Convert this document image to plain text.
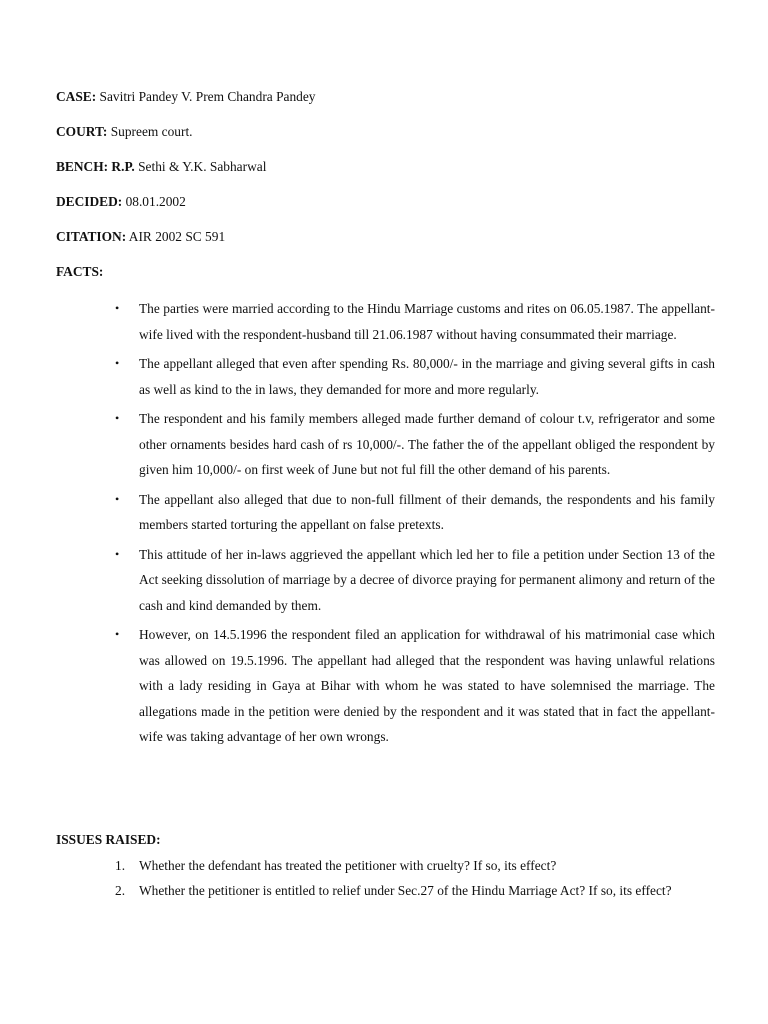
CASE: Savitri Pandey V. Prem Chandra Pandey

COURT: Supreem court.

BENCH: R.P. Sethi & Y.K. Sabharwal

DECIDED: 08.01.2002

CITATION: AIR 2002 SC 591

FACTS:

• The parties were married according to the Hindu Marriage customs and rites on 06.05.1987. The appellant-wife lived with the respondent-husband till 21.06.1987 without having consummated their marriage.
• The appellant alleged that even after spending Rs. 80,000/- in the marriage and giving several gifts in cash as well as kind to the in laws, they demanded for more and more regularly.
• The respondent and his family members alleged made further demand of colour t.v, refrigerator and some other ornaments besides hard cash of rs 10,000/-. The father the of the appellant obliged the respondent by given him 10,000/- on first week of June but not ful fill the other demand of his parents.
• The appellant also alleged that due to non-full fillment of their demands, the respondents and his family members started torturing the appellant on false pretexts.
• This attitude of her in-laws aggrieved the appellant which led her to file a petition under Section 13 of the Act seeking dissolution of marriage by a decree of divorce praying for permanent alimony and return of the cash and kind demanded by them.
• However, on 14.5.1996 the respondent filed an application for withdrawal of his matrimonial case which was allowed on 19.5.1996. The appellant had alleged that the respondent was having unlawful relations with a lady residing in Gaya at Bihar with whom he was stated to have solemnised the marriage. The allegations made in the petition were denied by the respondent and it was stated that in fact the appellant-wife was taking advantage of her own wrongs.

ISSUES RAISED:

1. Whether the defendant has treated the petitioner with cruelty? If so, its effect?
2. Whether the petitioner is entitled to relief under Sec.27 of the Hindu Marriage Act? If so, its effect?
